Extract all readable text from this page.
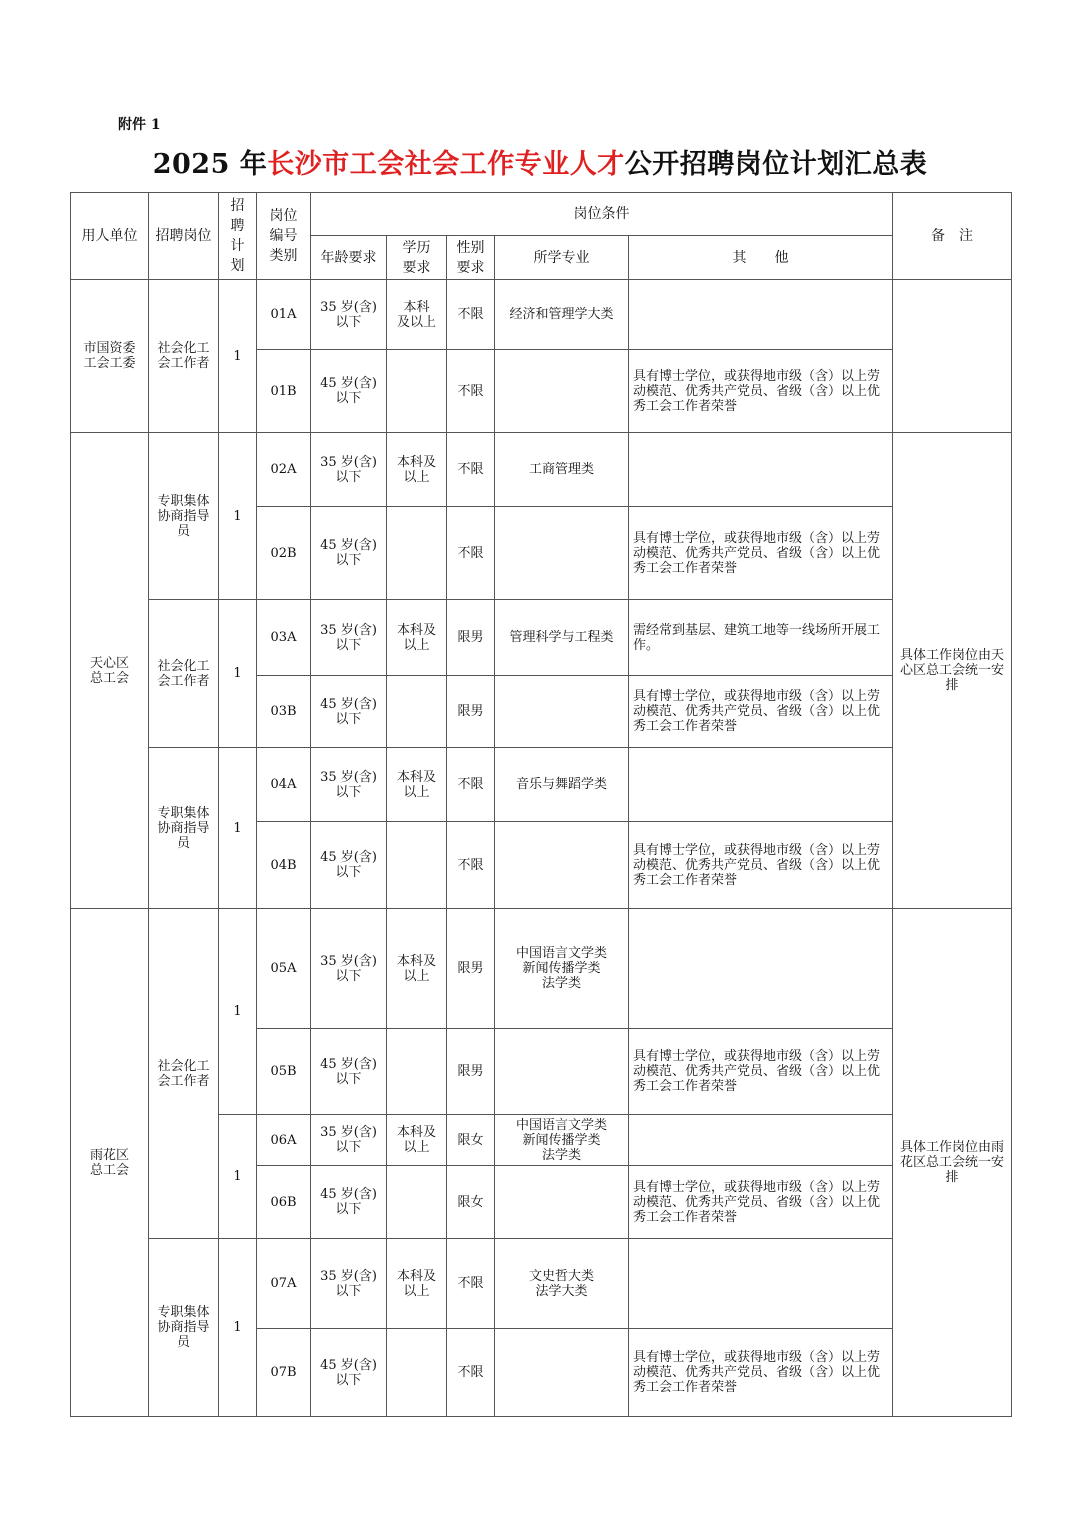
附件 1
2025 年长沙市工会社会工作专业人才公开招聘岗位计划汇总表
用人单位	招聘岗位	招
聘
计
划	岗位
编号
类别	岗位条件					备　注
				年龄要求	学历
要求	性别
要求	所学专业	其　　他	
市国资委
工会工委	社会化工
会工作者	1	01A	35 岁(含)
以下	本科
及以上	不限	经济和管理学大类		
			01B	45 岁(含)
以下		不限		具有博士学位，或获得地市级（含）以上劳动模范、优秀共产党员、省级（含）以上优秀工会工作者荣誉	
天心区
总工会	专职集体
协商指导
员	1	02A	35 岁(含)
以下	本科及
以上	不限	工商管理类		具体工作岗位由天心区总工会统一安排
			02B	45 岁(含)
以下		不限		具有博士学位，或获得地市级（含）以上劳动模范、优秀共产党员、省级（含）以上优秀工会工作者荣誉	
	社会化工
会工作者	1	03A	35 岁(含)
以下	本科及
以上	限男	管理科学与工程类	需经常到基层、建筑工地等一线场所开展工作。	
			03B	45 岁(含)
以下		限男		具有博士学位，或获得地市级（含）以上劳动模范、优秀共产党员、省级（含）以上优秀工会工作者荣誉	
	专职集体
协商指导
员	1	04A	35 岁(含)
以下	本科及
以上	不限	音乐与舞蹈学类		
			04B	45 岁(含)
以下		不限		具有博士学位，或获得地市级（含）以上劳动模范、优秀共产党员、省级（含）以上优秀工会工作者荣誉	
雨花区
总工会	社会化工
会工作者	1	05A	35 岁(含)
以下	本科及
以上	限男	中国语言文学类
新闻传播学类
法学类		具体工作岗位由雨花区总工会统一安排
			05B	45 岁(含)
以下		限男		具有博士学位，或获得地市级（含）以上劳动模范、优秀共产党员、省级（含）以上优秀工会工作者荣誉	
		1	06A	35 岁(含)
以下	本科及
以上	限女	中国语言文学类
新闻传播学类
法学类		
			06B	45 岁(含)
以下		限女		具有博士学位，或获得地市级（含）以上劳动模范、优秀共产党员、省级（含）以上优秀工会工作者荣誉	
	专职集体
协商指导
员	1	07A	35 岁(含)
以下	本科及
以上	不限	文史哲大类
法学大类		
			07B	45 岁(含)
以下		不限		具有博士学位，或获得地市级（含）以上劳动模范、优秀共产党员、省级（含）以上优秀工会工作者荣誉	
